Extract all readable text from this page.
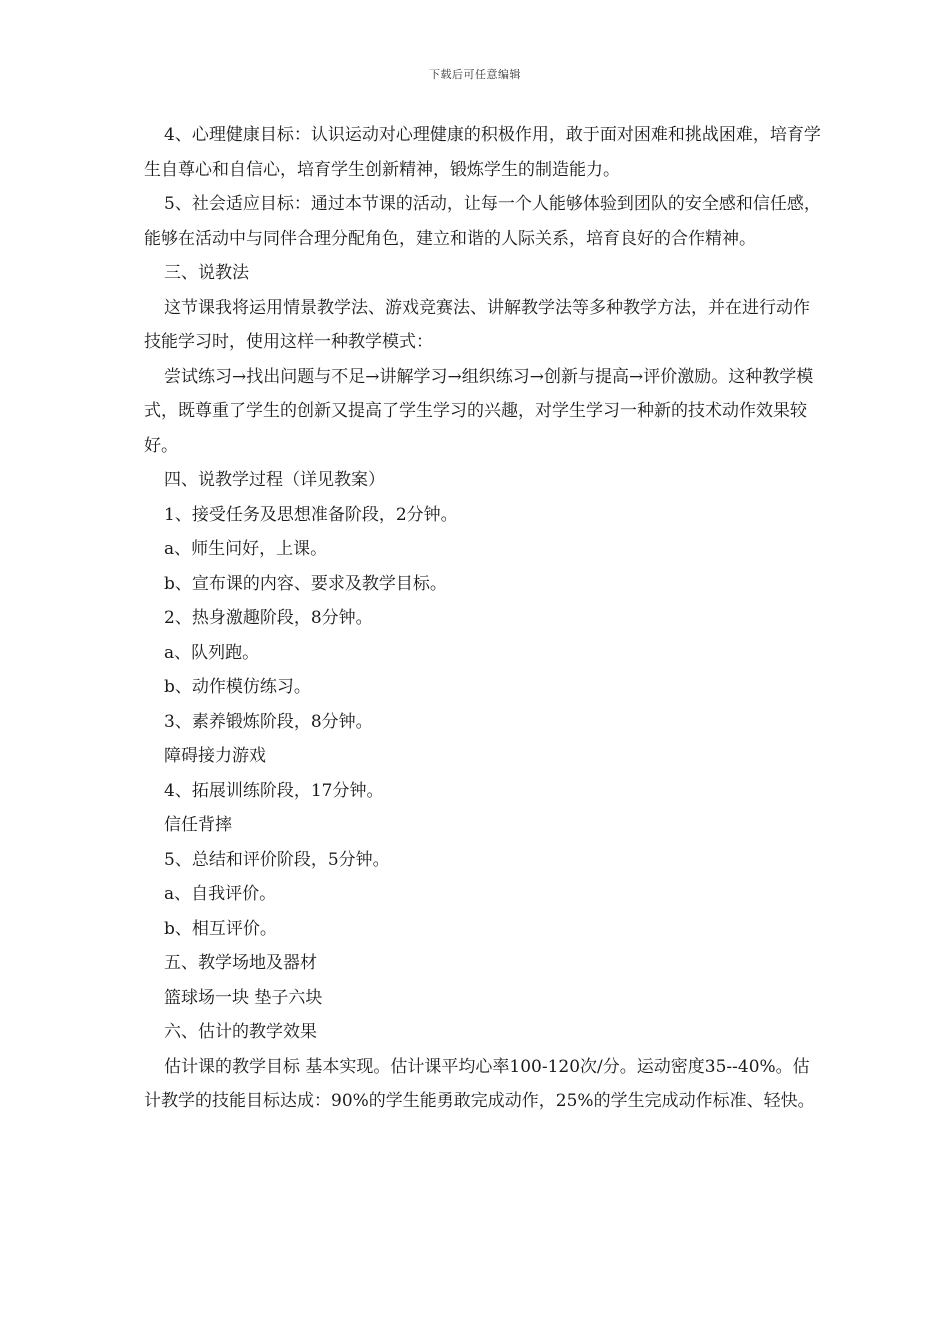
下载后可任意编辑

4、心理健康目标：认识运动对心理健康的积极作用，敢于面对困难和挑战困难，培育学生自尊心和自信心，培育学生创新精神，锻炼学生的制造能力。

5、社会适应目标：通过本节课的活动，让每一个人能够体验到团队的安全感和信任感，能够在活动中与同伴合理分配角色，建立和谐的人际关系，培育良好的合作精神。

三、说教法

这节课我将运用情景教学法、游戏竞赛法、讲解教学法等多种教学方法，并在进行动作技能学习时，使用这样一种教学模式：

尝试练习→找出问题与不足→讲解学习→组织练习→创新与提高→评价激励。这种教学模式，既尊重了学生的创新又提高了学生学习的兴趣，对学生学习一种新的技术动作效果较好。

四、说教学过程（详见教案）

1、接受任务及思想准备阶段，2分钟。

a、师生问好，上课。

b、宣布课的内容、要求及教学目标。

2、热身激趣阶段，8分钟。

a、队列跑。

b、动作模仿练习。

3、素养锻炼阶段，8分钟。

障碍接力游戏

4、拓展训练阶段，17分钟。

信任背摔

5、总结和评价阶段，5分钟。

a、自我评价。

b、相互评价。

五、教学场地及器材

篮球场一块 垫子六块

六、估计的教学效果

估计课的教学目标 基本实现。估计课平均心率100-120次/分。运动密度35--40%。估计教学的技能目标达成：90%的学生能勇敢完成动作，25%的学生完成动作标准、轻快。
